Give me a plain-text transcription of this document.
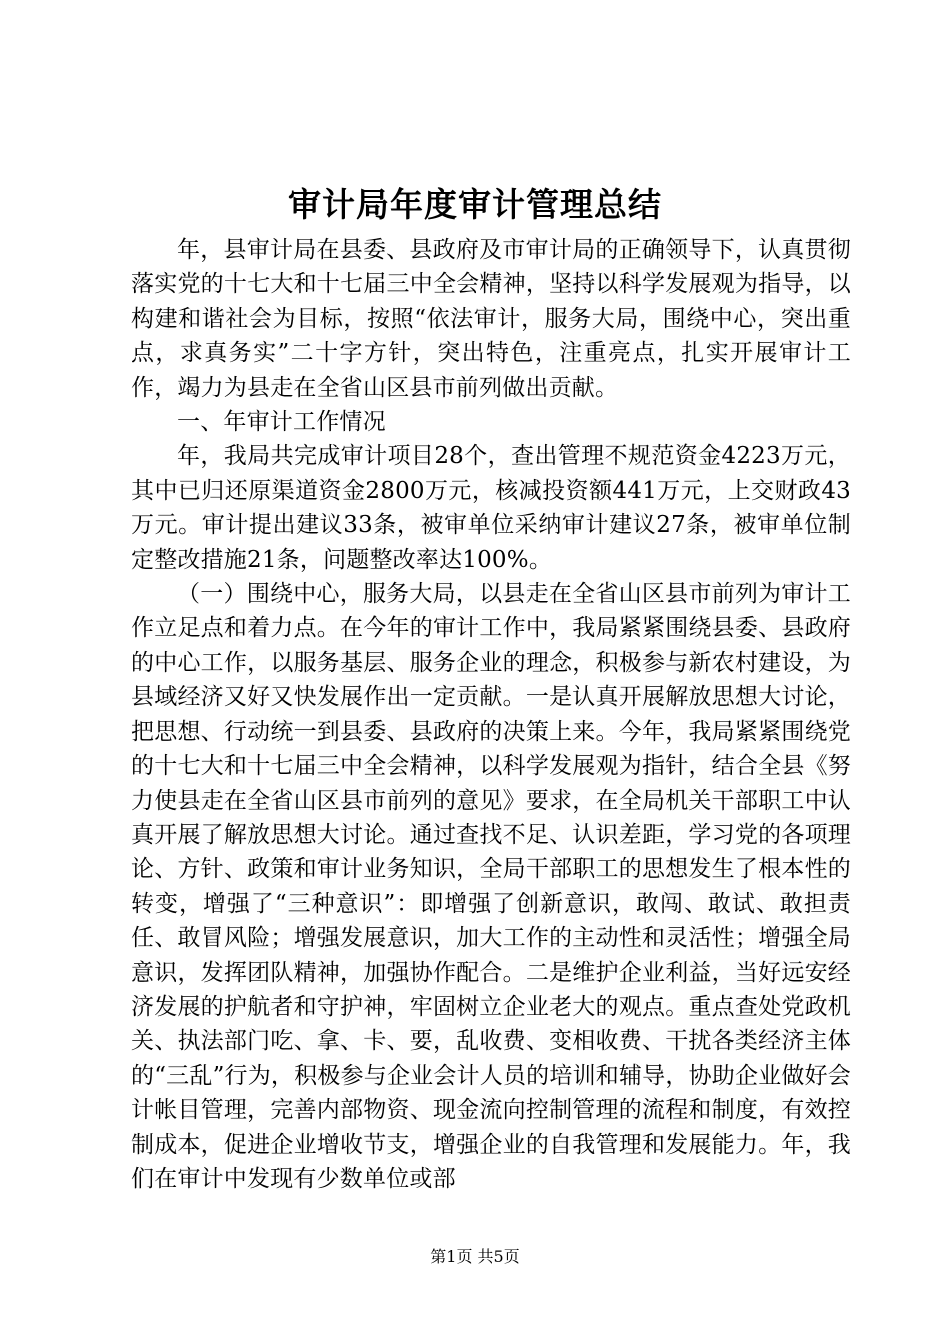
审计局年度审计管理总结

年，县审计局在县委、县政府及市审计局的正确领导下，认真贯彻落实党的十七大和十七届三中全会精神，坚持以科学发展观为指导，以构建和谐社会为目标，按照“依法审计，服务大局，围绕中心，突出重点，求真务实”二十字方针，突出特色，注重亮点，扎实开展审计工作，竭力为县走在全省山区县市前列做出贡献。

一、年审计工作情况

年，我局共完成审计项目28个，查出管理不规范资金4223万元，其中已归还原渠道资金2800万元，核减投资额441万元，上交财政43万元。审计提出建议33条，被审单位采纳审计建议27条，被审单位制定整改措施21条，问题整改率达100%。

（一）围绕中心，服务大局，以县走在全省山区县市前列为审计工作立足点和着力点。在今年的审计工作中，我局紧紧围绕县委、县政府的中心工作，以服务基层、服务企业的理念，积极参与新农村建设，为县域经济又好又快发展作出一定贡献。一是认真开展解放思想大讨论，把思想、行动统一到县委、县政府的决策上来。今年，我局紧紧围绕党的十七大和十七届三中全会精神，以科学发展观为指针，结合全县《努力使县走在全省山区县市前列的意见》要求，在全局机关干部职工中认真开展了解放思想大讨论。通过查找不足、认识差距，学习党的各项理论、方针、政策和审计业务知识，全局干部职工的思想发生了根本性的转变，增强了“三种意识”：即增强了创新意识，敢闯、敢试、敢担责任、敢冒风险；增强发展意识，加大工作的主动性和灵活性；增强全局意识，发挥团队精神，加强协作配合。二是维护企业利益，当好远安经济发展的护航者和守护神，牢固树立企业老大的观点。重点查处党政机关、执法部门吃、拿、卡、要，乱收费、变相收费、干扰各类经济主体的“三乱”行为，积极参与企业会计人员的培训和辅导，协助企业做好会计帐目管理，完善内部物资、现金流向控制管理的流程和制度，有效控制成本，促进企业增收节支，增强企业的自我管理和发展能力。年，我们在审计中发现有少数单位或部

第1页 共5页
